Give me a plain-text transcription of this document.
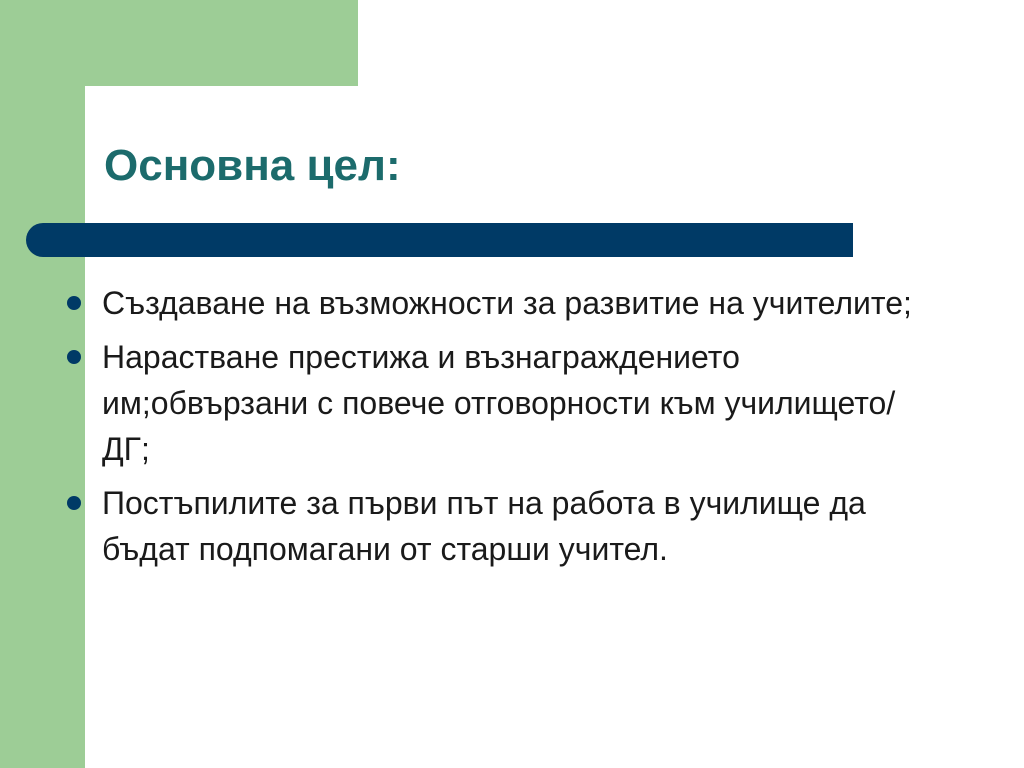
Основна цел:
Създаване на възможности за развитие на учителите;
Нарастване престижа и възнаграждението им;обвързани с повече отговорности към училището/ДГ;
Постъпилите за първи път на работа в училище да бъдат подпомагани от старши учител.
